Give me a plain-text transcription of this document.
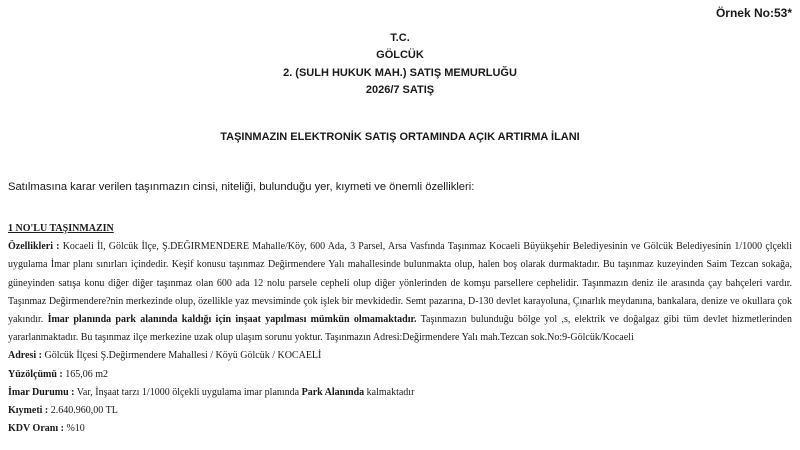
Örnek No:53*
T.C.
GÖLCÜK
2. (SULH HUKUK MAH.) SATIŞ MEMURLUĞU
2026/7 SATIŞ
TAŞINMAZIN ELEKTRONİK SATIŞ ORTAMINDA AÇIK ARTIRMA İLANI
Satılmasına karar verilen taşınmazın cinsi, niteliği, bulunduğu yer, kıymeti ve önemli özellikleri:

1 NO'LU TAŞINMAZIN

Özellikleri : Kocaeli İl, Gölcük İlçe, Ş.DEĞIRMENDERE Mahalle/Köy, 600 Ada, 3 Parsel, Arsa Vasfında Taşınmaz Kocaeli Büyükşehir Belediyesinin ve Gölcük Belediyesinin 1/1000 çlçekli uygulama İmar planı sınırları içindedir. Keşif konusu taşınmaz Değirmendere Yalı mahallesinde bulunmakta olup, halen boş olarak durmaktadır. Bu taşınmaz kuzeyinden Saim Tezcan sokağa, güneyinden satışa konu diğer diğer taşınmaz olan 600 ada 12 nolu parsele cepheli olup diğer yönlerinden de komşu parsellere cephelidir. Taşınmazın deniz ile arasında çay bahçeleri vardır. Taşınmaz Değirmendere?nin merkezinde olup, özellikle yaz mevsiminde çok işlek bir mevkidedir. Semt pazarına, D-130 devlet karayoluna, Çınarlık meydanına, bankalara, denize ve okullara çok yakındır. İmar planında park alanında kaldığı için inşaat yapılması mümkün olmamaktadır. Taşınmazın bulunduğu bölge yol ,s, elektrik ve doğalgaz gibi tüm devlet hizmetlerinden yararlanmaktadır. Bu taşınmaz ilçe merkezine uzak olup ulaşım sorunu yoktur. Taşınmazın Adresi:Değirmendere Yalı mah.Tezcan sok.No:9-Gölcük/Kocaeli

Adresi : Gölcük İlçesi Ş.Değirmendere Mahallesi / Köyü Gölcük / KOCAELİ

Yüzölçümü : 165,06 m2

İmar Durumu : Var, İnşaat tarzı 1/1000 ölçekli uygulama imar planında Park Alanında kalmaktadır

Kıymeti : 2.640.960,00 TL

KDV Oranı : %10
